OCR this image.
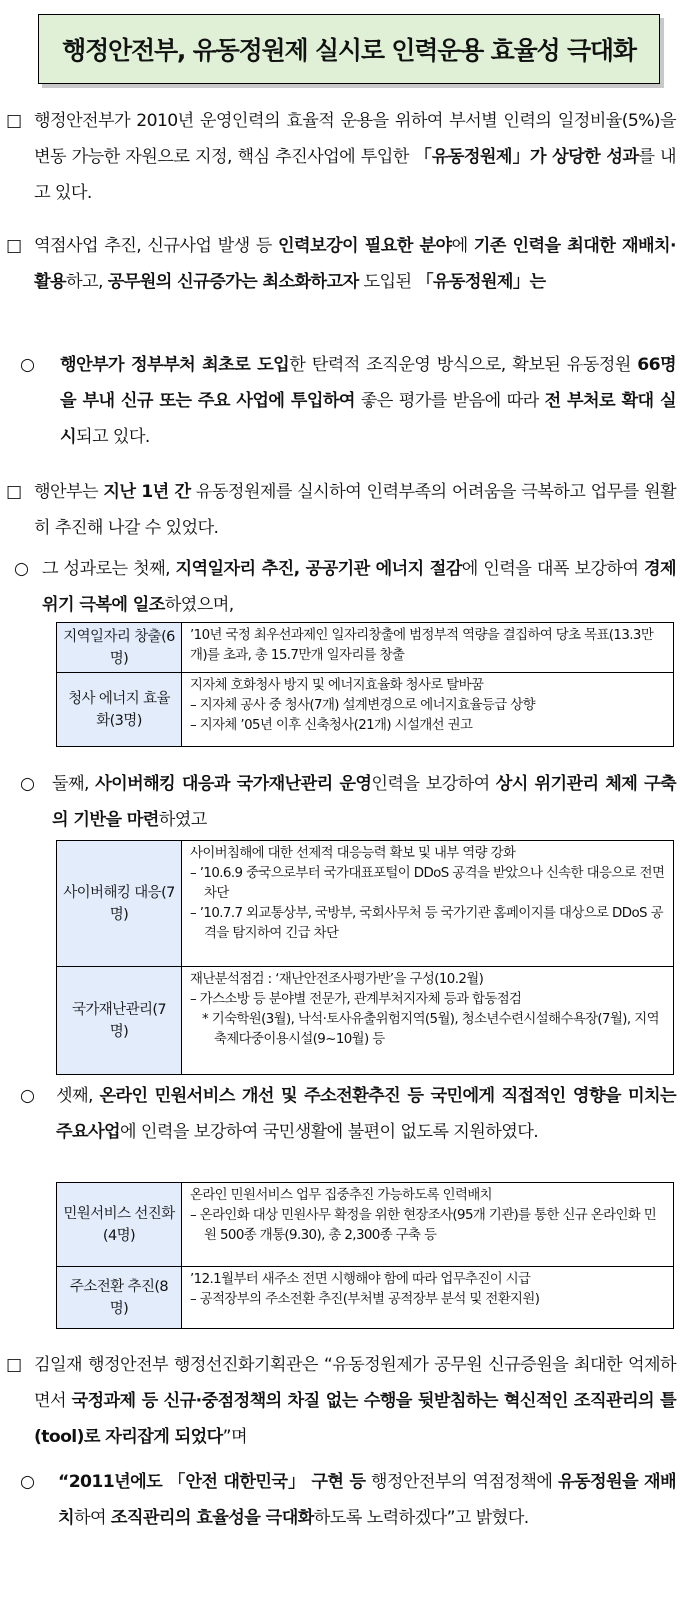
행정안전부, 유동정원제 실시로 인력운용 효율성 극대화
□ 행정안전부가 2010년 운영인력의 효율적 운용을 위하여 부서별 인력의 일정비율(5%)을 변동 가능한 자원으로 지정, 핵심 추진사업에 투입한 「유동정원제」가 상당한 성과를 내고 있다.
□ 역점사업 추진, 신규사업 발생 등 인력보강이 필요한 분야에 기존 인력을 최대한 재배치·활용하고, 공무원의 신규증가는 최소화하고자 도입된 「유동정원제」는
○	행안부가 정부부처 최초로 도입한 탄력적 조직운영 방식으로, 확보된 유동정원 66명을 부내 신규 또는 주요 사업에 투입하여 좋은 평가를 받음에 따라 전 부처로 확대 실시되고 있다.
□ 행안부는 지난 1년 간 유동정원제를 실시하여 인력부족의 어려움을 극복하고 업무를 원활히 추진해 나갈 수 있었다.
○ 그 성과로는 첫째, 지역일자리 추진, 공공기관 에너지 절감에 인력을 대폭 보강하여 경제위기 극복에 일조하였으며,
지역일자리 창출(6명)	’10년 국정 최우선과제인 일자리창출에 범정부적 역량을 결집하여 당초 목표(13.3만개)를 초과, 총 15.7만개 일자리를 창출

청사 에너지 효율화(3명)	지자체 호화청사 방지 및 에너지효율화 청사로 탈바꿈
– 지자체 공사 중 청사(7개) 설계변경으로 에너지효율등급 상향
– 지자체 ’05년 이후 신축청사(21개) 시설개선 권고
○	둘째, 사이버해킹 대응과 국가재난관리 운영인력을 보강하여 상시 위기관리 체제 구축의 기반을 마련하였고
사이버해킹 대응(7명)	사이버침해에 대한 선제적 대응능력 확보 및 내부 역량 강화
– ’10.6.9 중국으로부터 국가대표포털이 DDoS 공격을 받았으나 신속한 대응으로 전면 차단
– ’10.7.7 외교통상부, 국방부, 국회사무처 등 국가기관 홈페이지를 대상으로 DDoS 공격을 탐지하여 긴급 차단

국가재난관리(7명)	재난분석점검 : ‘재난안전조사평가반’을 구성(10.2월)
– 가스소방 등 분야별 전문가, 관계부처지자체 등과 합동점검
* 기숙학원(3월), 낙석·토사유출위험지역(5월), 청소년수련시설해수욕장(7월), 지역축제다중이용시설(9~10월) 등
○	셋째, 온라인 민원서비스 개선 및 주소전환추진 등 국민에게 직접적인 영향을 미치는 주요사업에 인력을 보강하여 국민생활에 불편이 없도록 지원하였다.
민원서비스 선진화(4명)	온라인 민원서비스 업무 집중추진 가능하도록 인력배치
– 온라인화 대상 민원사무 확정을 위한 현장조사(95개 기관)를 통한 신규 온라인화 민원 500종 개통(9.30), 총 2,300종 구축 등

주소전환 추진(8명)	’12.1월부터 새주소 전면 시행해야 함에 따라 업무추진이 시급
– 공적장부의 주소전환 추진(부처별 공적장부 분석 및 전환지원)
□ 김일재 행정안전부 행정선진화기획관은 “유동정원제가 공무원 신규증원을 최대한 억제하면서 국정과제 등 신규·중점정책의 차질 없는 수행을 뒷받침하는 혁신적인 조직관리의 틀(tool)로 자리잡게 되었다”며
○	“2011년에도 「안전 대한민국」 구현 등 행정안전부의 역점정책에 유동정원을 재배치하여 조직관리의 효율성을 극대화하도록 노력하겠다”고 밝혔다.
